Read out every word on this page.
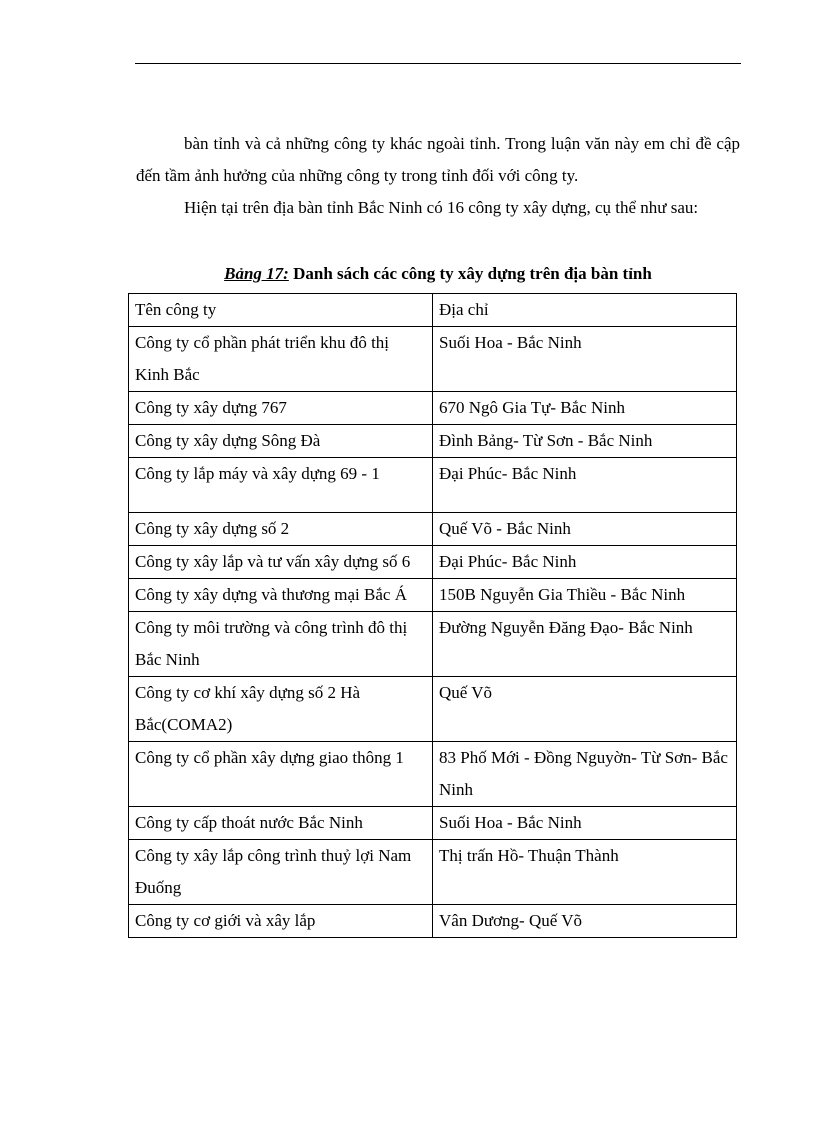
bàn tỉnh và cả những công ty khác ngoài tỉnh. Trong luận văn này em chỉ đề cập đến tầm ảnh hưởng của những công ty trong tỉnh đối với công ty.

Hiện tại trên địa bàn tỉnh Bắc Ninh có 16 công ty xây dựng, cụ thể như sau:

Bảng 17: Danh sách các công ty xây dựng trên địa bàn tỉnh
Tên công ty	Địa chỉ
Công ty cổ phần phát triển khu đô thị Kinh Bắc	Suối Hoa - Bắc Ninh
Công ty xây dựng 767	670 Ngô Gia Tự- Bắc Ninh
Công ty xây dựng Sông Đà	Đình Bảng- Từ Sơn - Bắc Ninh
Công ty lắp máy và xây dựng 69 - 1	Đại Phúc- Bắc Ninh
Công ty xây dựng số 2	Quế Võ - Bắc Ninh
Công ty xây lắp và tư vấn xây dựng số 6	Đại Phúc- Bắc Ninh
Công ty xây dựng và thương mại Bắc Á	150B Nguyễn Gia Thiều - Bắc Ninh
Công ty môi trường và công trình đô thị Bắc Ninh	Đường Nguyễn Đăng Đạo- Bắc Ninh
Công ty cơ khí xây dựng số 2 Hà Bắc(COMA2)	Quế Võ
Công ty cổ phần xây dựng giao thông 1	83 Phố Mới - Đồng Nguyờn- Từ Sơn- Bắc Ninh
Công ty cấp thoát nước Bắc Ninh	Suối Hoa - Bắc Ninh
Công ty xây lắp công trình thuỷ lợi Nam Đuống	Thị trấn Hồ- Thuận Thành
Công ty cơ giới và xây lắp	Vân Dương- Quế Võ
